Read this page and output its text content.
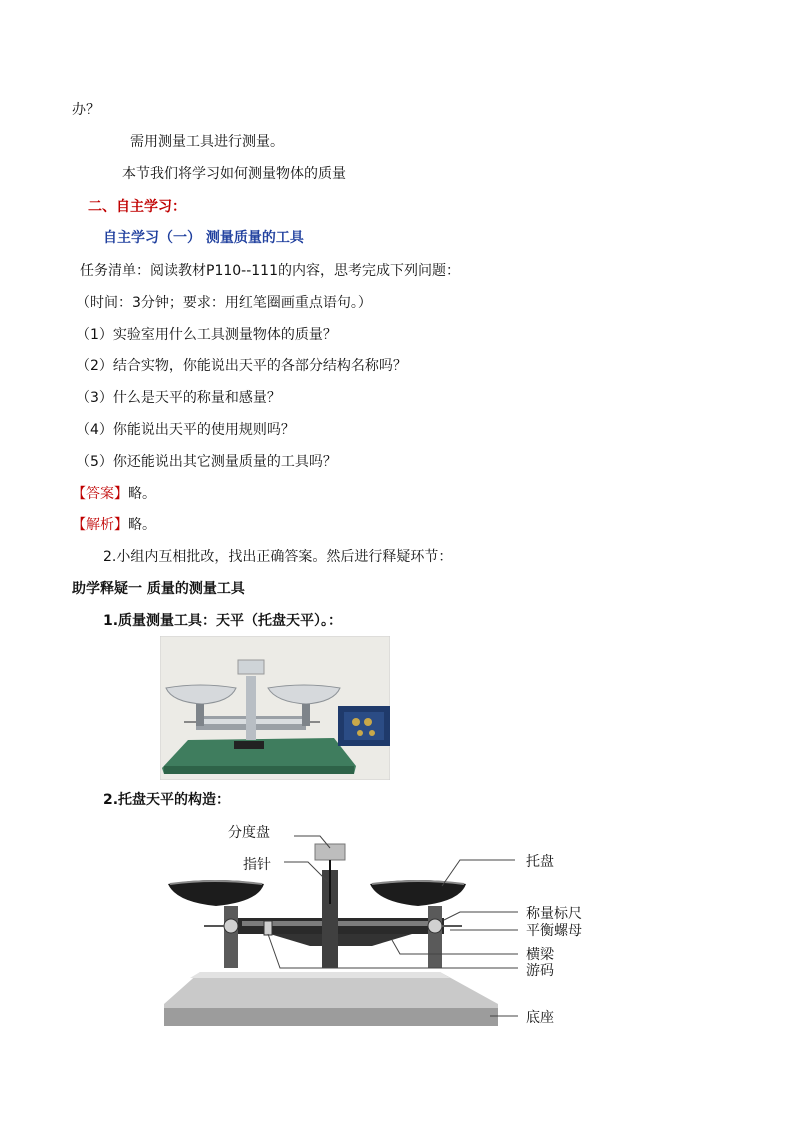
办？
需用测量工具进行测量。
本节我们将学习如何测量物体的质量
二、自主学习：
自主学习（一） 测量质量的工具
任务清单：阅读教材P110--111的内容，思考完成下列问题：
（时间：3分钟；要求：用红笔圈画重点语句。）
（1）实验室用什么工具测量物体的质量？
（2）结合实物，你能说出天平的各部分结构名称吗？
（3）什么是天平的称量和感量？
（4）你能说出天平的使用规则吗？
（5）你还能说出其它测量质量的工具吗？
【答案】略。
【解析】略。
2.小组内互相批改，找出正确答案。然后进行释疑环节：
助学释疑一 质量的测量工具
1.质量测量工具：天平（托盘天平）。：
2.托盘天平的构造：
分度盘
指针	托盘
称量标尺
平衡螺母
横梁
游码
底座
